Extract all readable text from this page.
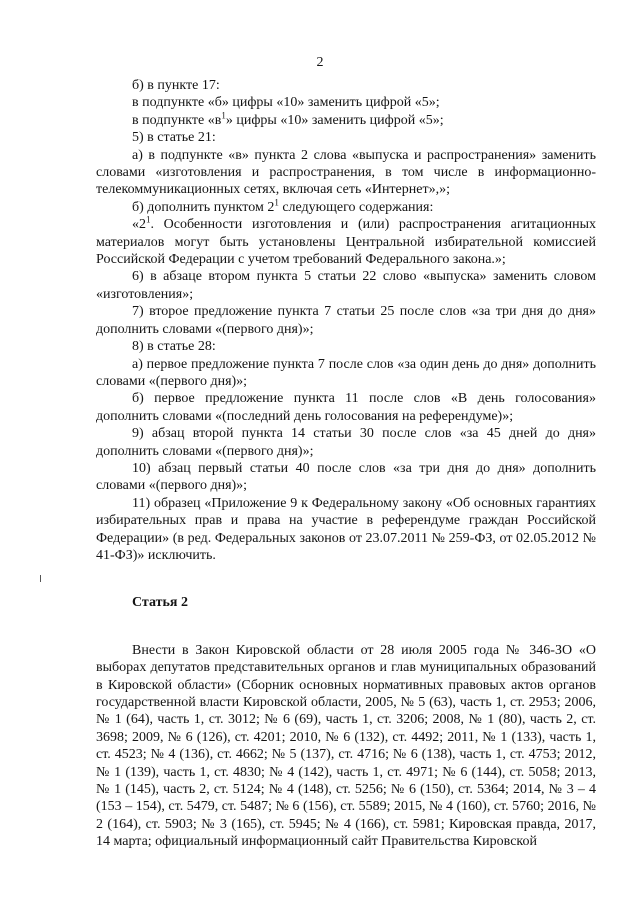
2

б) в пункте 17:

в подпункте «б» цифры «10» заменить цифрой «5»;

в подпункте «$в^1$» цифры «10» заменить цифрой «5»;

5) в статье 21:

а) в подпункте «в» пункта 2 слова «выпуска и распространения» заменить словами «изготовления и распространения, в том числе в информационно-телекоммуникационных сетях, включая сеть «Интернет»,»;

б) дополнить пунктом $2^1$ следующего содержания:

«$2^1$. Особенности изготовления и (или) распространения агитационных материалов могут быть установлены Центральной избирательной комиссией Российской Федерации с учетом требований Федерального закона.»;

6) в абзаце втором пункта 5 статьи 22 слово «выпуска» заменить словом «изготовления»;

7) второе предложение пункта 7 статьи 25 после слов «за три дня до дня» дополнить словами «(первого дня)»;

8) в статье 28:

а) первое предложение пункта 7 после слов «за один день до дня» дополнить словами «(первого дня)»;

б) первое предложение пункта 11 после слов «В день голосования» дополнить словами «(последний день голосования на референдуме)»;

9) абзац второй пункта 14 статьи 30 после слов «за 45 дней до дня» дополнить словами «(первого дня)»;

10) абзац первый статьи 40 после слов «за три дня до дня» дополнить словами «(первого дня)»;

11) образец «Приложение 9 к Федеральному закону «Об основных гарантиях избирательных прав и права на участие в референдуме граждан Российской Федерации» (в ред. Федеральных законов от 23.07.2011 № 259-ФЗ, от 02.05.2012 № 41-ФЗ)» исключить.

Статья 2

Внести в Закон Кировской области от 28 июля 2005 года № 346-ЗО «О выборах депутатов представительных органов и глав муниципальных образований в Кировской области» (Сборник основных нормативных правовых актов органов государственной власти Кировской области, 2005, № 5 (63), часть 1, ст. 2953; 2006, № 1 (64), часть 1, ст. 3012; № 6 (69), часть 1, ст. 3206; 2008, № 1 (80), часть 2, ст. 3698; 2009, № 6 (126), ст. 4201; 2010, № 6 (132), ст. 4492; 2011, № 1 (133), часть 1, ст. 4523; № 4 (136), ст. 4662; № 5 (137), ст. 4716; № 6 (138), часть 1, ст. 4753; 2012, № 1 (139), часть 1, ст. 4830; № 4 (142), часть 1, ст. 4971; № 6 (144), ст. 5058; 2013, № 1 (145), часть 2, ст. 5124; № 4 (148), ст. 5256; № 6 (150), ст. 5364; 2014, № 3 – 4 (153 – 154), ст. 5479, ст. 5487; № 6 (156), ст. 5589; 2015, № 4 (160), ст. 5760; 2016, № 2 (164), ст. 5903; № 3 (165), ст. 5945; № 4 (166), ст. 5981; Кировская правда, 2017, 14 марта; официальный информационный сайт Правительства Кировской
